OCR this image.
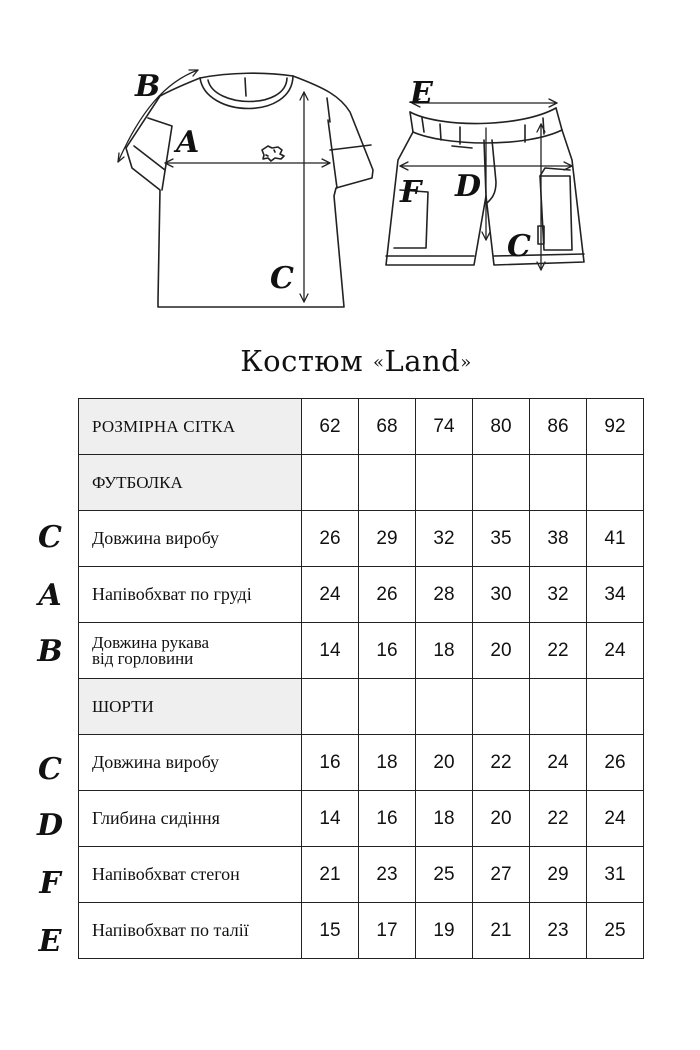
A
B
C
E
F D
C
Костюм «Land»
C
A
B
C
D
F
E
РОЗМІРНА СІТКА	62	68	74	80	86	92
ФУТБОЛКА						
Довжина виробу	26	29	32	35	38	41
Напівобхват по груді	24	26	28	30	32	34

Довжина рукава
від горловини	14	16	18	20	22	24
ШОРТИ						
Довжина виробу	16	18	20	22	24	26
Глибина сидіння	14	16	18	20	22	24
Напівобхват стегон	21	23	25	27	29	31
Напівобхват по талії	15	17	19	21	23	25
